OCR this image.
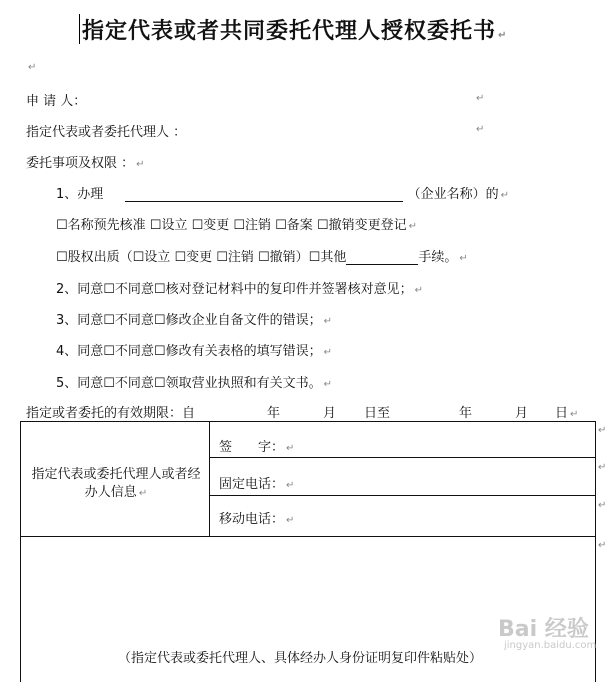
指定代表或者共同委托代理人授权委托书 ↵
↵
申 请 人：	↵
指定代表或者委托代理人 ：	↵
委托事项及权限 ： ↵
1、办理	（企业名称）的 ↵
☐名称预先核准 ☐设立 ☐变更 ☐注销 ☐备案 ☐撤销变更登记 ↵
☐股权出质（☐设立 ☐变更 ☐注销 ☐撤销）☐其他	手续。 ↵
2、同意☐不同意☐核对登记材料中的复印件并签署核对意见； ↵
3、同意☐不同意☐修改企业自备文件的错误； ↵
4、同意☐不同意☐修改有关表格的填写错误； ↵
5、同意☐不同意☐领取营业执照和有关文书。 ↵
指定或者委托的有效期限：自	年	月 日至	年	月 日 ↵
指定代表或委托代理人或者经办人信息 ↵
签　　字： ↵
固定电话： ↵
移动电话： ↵
↵
↵
↵
↵
（指定代表或委托代理人、具体经办人身份证明复印件粘贴处）
Bai 经验
jingyan.baidu.com
